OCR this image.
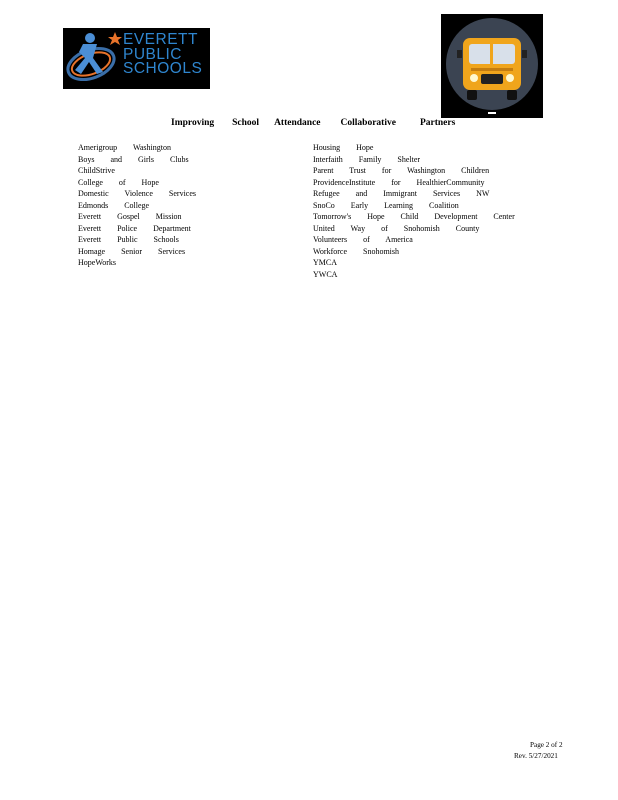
EVERETT
PUBLIC
SCHOOLS
Improving School Attendance Collaborative	Partners
Amerigroup Washington
Boys and Girls Clubs
ChildStrive
College of Hope
Domestic Violence Services
Edmonds College
Everett Gospel Mission
Everett Police Department
Everett Public Schools
Homage Senior Services
HopeWorks
Housing Hope
Interfaith Family Shelter
Parent Trust for Washington Children
ProvidenceInstitute for HealthierCommunity
Refugee and Immigrant Services NW
SnoCo Early Learning Coalition
Tomorrow's Hope Child Development Center
United Way of Snohomish County
Volunteers of America
Workforce Snohomish
YMCA
YWCA
Page 2 of 2
Rev. 5/27/2021
